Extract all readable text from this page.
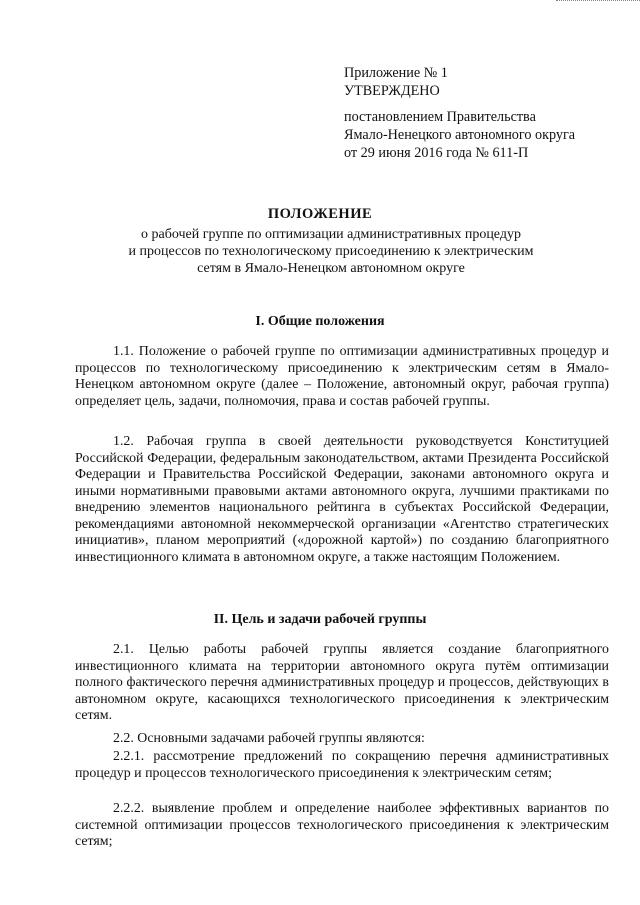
Приложение № 1
УТВЕРЖДЕНО
постановлением Правительства
Ямало-Ненецкого автономного округа
от 29 июня 2016 года № 611-П
ПОЛОЖЕНИЕ
о рабочей группе по оптимизации административных процедур
и процессов по технологическому присоединению к электрическим
сетям в Ямало-Ненецком автономном округе
I. Общие положения
1.1. Положение о рабочей группе по оптимизации административных процедур и процессов по технологическому присоединению к электрическим сетям в Ямало-Ненецком автономном округе (далее – Положение, автономный округ, рабочая группа) определяет цель, задачи, полномочия, права и состав рабочей группы.
1.2. Рабочая группа в своей деятельности руководствуется Конституцией Российской Федерации, федеральным законодательством, актами Президента Российской Федерации и Правительства Российской Федерации, законами автономного округа и иными нормативными правовыми актами автономного округа, лучшими практиками по внедрению элементов национального рейтинга в субъектах Российской Федерации, рекомендациями автономной некоммерческой организации «Агентство стратегических инициатив», планом мероприятий («дорожной картой») по созданию благоприятного инвестиционного климата в автономном округе, а также настоящим Положением.
II. Цель и задачи рабочей группы
2.1. Целью работы рабочей группы является создание благоприятного инвестиционного климата на территории автономного округа путём оптимизации полного фактического перечня административных процедур и процессов, действующих в автономном округе, касающихся технологического присоединения к электрическим сетям.
2.2. Основными задачами рабочей группы являются:
2.2.1. рассмотрение предложений по сокращению перечня административных процедур и процессов технологического присоединения к электрическим сетям;
2.2.2. выявление проблем и определение наиболее эффективных вариантов по системной оптимизации процессов технологического присоединения к электрическим сетям;
